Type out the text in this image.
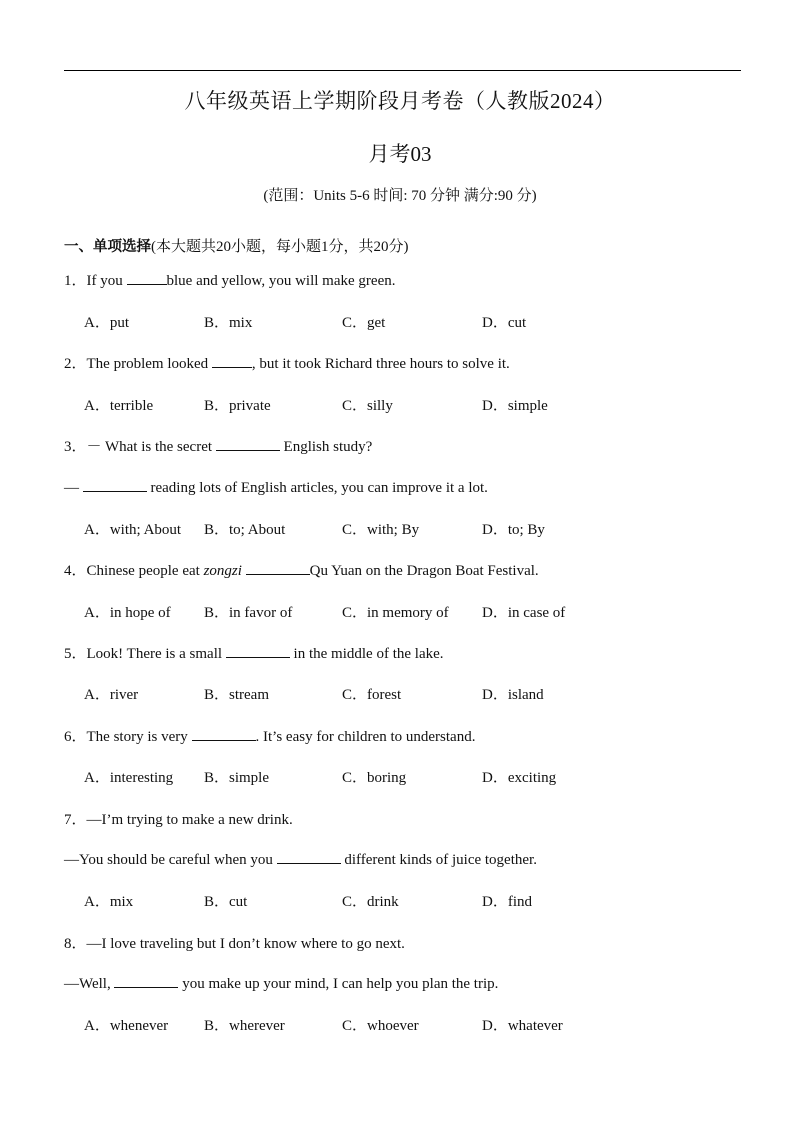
八年级英语上学期阶段月考卷（人教版2024）
月考03
(范围：Units 5-6 时间: 70 分钟 满分:90 分)
一、单项选择(本大题共20小题，每小题1分，共20分)
1．If you	blue and yellow, you will make green.
A．put	B．mix	C．get	D．cut
2．The problem looked	, but it took Richard three hours to solve it.
A．terrible	B．private	C．silly	D．simple
3．－ What is the secret	English study?
—	reading lots of English articles, you can improve it a lot.
A．with; About B．to; About	C．with; By	D．to; By
4．Chinese people eat zongzi	Qu Yuan on the Dragon Boat Festival.
A．in hope of B．in favor of	C．in memory of D．in case of
5．Look! There is a small	in the middle of the lake.
A．river	B．stream	C．forest	D．island
6．The story is very	. It’s easy for children to understand.
A．interesting B．simple	C．boring	D．exciting
7．—I’m trying to make a new drink.
—You should be careful when you	different kinds of juice together.
A．mix	B．cut	C．drink	D．find
8．—I love traveling but I don’t know where to go next.
—Well,	you make up your mind, I can help you plan the trip.
A．whenever B．wherever	C．whoever	D．whatever
